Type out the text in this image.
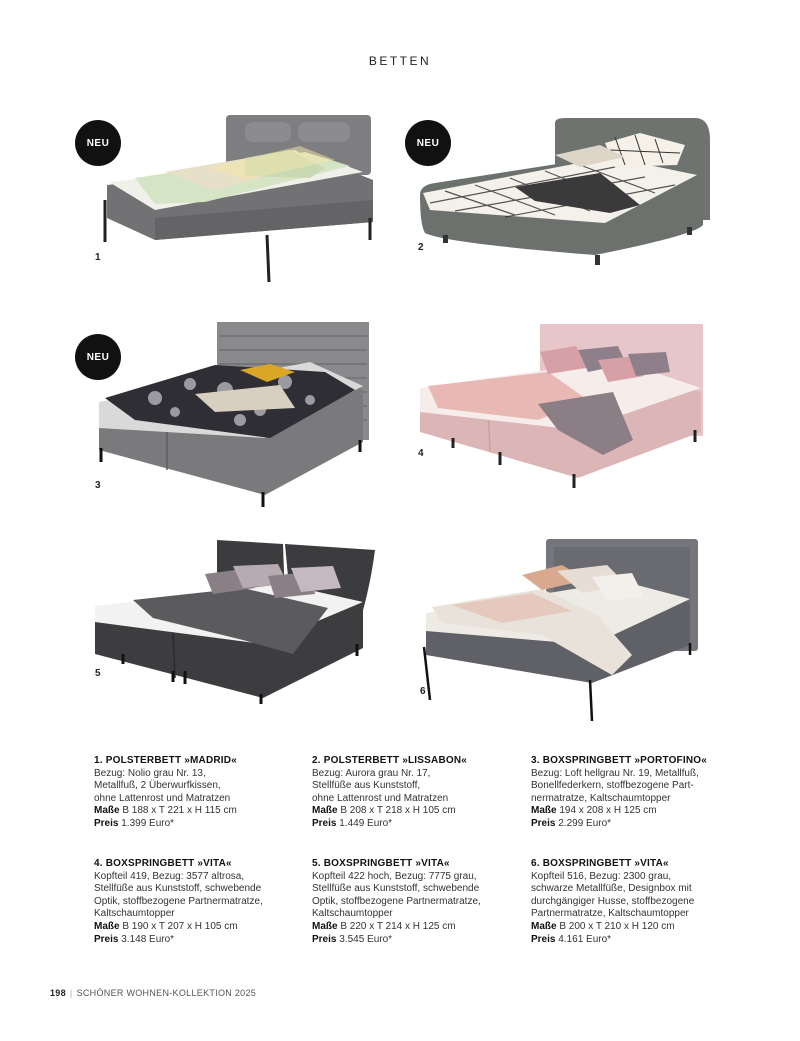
BETTEN
NEU
1
NEU
2
NEU
3
4
5
6
1. POLSTERBETT »MADRID«
Bezug: Nolio grau Nr. 13,
Metallfuß, 2 Überwurfkissen,
ohne Lattenrost und Matratzen
Maße B 188 x T 221 x H 115 cm
Preis 1.399 Euro*
2. POLSTERBETT »LISSABON«
Bezug: Aurora grau Nr. 17,
Stellfüße aus Kunststoff,
ohne Lattenrost und Matratzen
Maße B 208 x T 218 x H 105 cm
Preis 1.449 Euro*
3. BOXSPRINGBETT »PORTOFINO«
Bezug: Loft hellgrau Nr. 19, Metallfuß,
Bonellfederkern, stoffbezogene Part-
nermatratze, Kaltschaumtopper
Maße 194 x 208 x H 125 cm
Preis 2.299 Euro*
4. BOXSPRINGBETT »VITA«
Kopfteil 419, Bezug: 3577 altrosa,
Stellfüße aus Kunststoff, schwebende
Optik, stoffbezogene Partnermatratze,
Kaltschaumtopper
Maße B 190 x T 207 x H 105 cm
Preis 3.148 Euro*
5. BOXSPRINGBETT »VITA«
Kopfteil 422 hoch, Bezug: 7775 grau,
Stellfüße aus Kunststoff, schwebende
Optik, stoffbezogene Partnermatratze,
Kaltschaumtopper
Maße B 220 x T 214 x H 125 cm
Preis 3.545 Euro*
6. BOXSPRINGBETT »VITA«
Kopfteil 516, Bezug: 2300 grau,
schwarze Metallfüße, Designbox mit
durchgängiger Husse, stoffbezogene
Partnermatratze, Kaltschaumtopper
Maße B 200 x T 210 x H 120 cm
Preis 4.161 Euro*
198 | SCHÖNER WOHNEN-KOLLEKTION 2025
